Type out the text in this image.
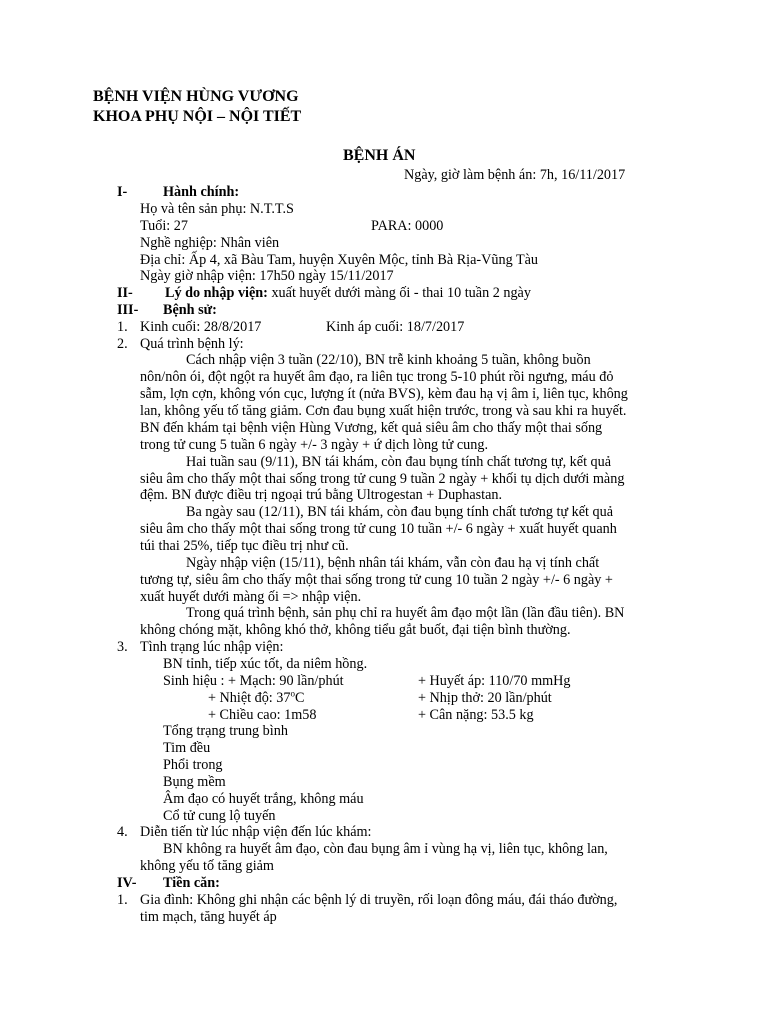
BỆNH VIỆN HÙNG VƯƠNG
KHOA PHỤ NỘI – NỘI TIẾT
BỆNH ÁN
Ngày, giờ làm bệnh án: 7h, 16/11/2017
I-	Hành chính:
Họ và tên sản phụ: N.T.T.S
Tuổi: 27	PARA: 0000
Nghề nghiệp: Nhân viên
Địa chỉ: Ấp 4, xã Bàu Tam, huyện Xuyên Mộc, tỉnh Bà Rịa-Vũng Tàu
Ngày giờ nhập viện: 17h50 ngày 15/11/2017
II- Lý do nhập viện: xuất huyết dưới màng ối - thai 10 tuần 2 ngày
III- Bệnh sử:
1. Kinh cuối: 28/8/2017	Kinh áp cuối: 18/7/2017
2. Quá trình bệnh lý:
Cách nhập viện 3 tuần (22/10), BN trễ kinh khoảng 5 tuần, không buồn
nôn/nôn ói, đột ngột ra huyết âm đạo, ra liên tục trong 5-10 phút rồi ngưng, máu đỏ
sẫm, lợn cợn, không vón cục, lượng ít (nửa BVS), kèm đau hạ vị âm ỉ, liên tục, không
lan, không yếu tố tăng giảm. Cơn đau bụng xuất hiện trước, trong và sau khi ra huyết.
BN đến khám tại bệnh viện Hùng Vương, kết quả siêu âm cho thấy một thai sống
trong tử cung 5 tuần 6 ngày +/- 3 ngày + ứ dịch lòng tử cung.
Hai tuần sau (9/11), BN tái khám, còn đau bụng tính chất tương tự, kết quả
siêu âm cho thấy một thai sống trong tử cung 9 tuần 2 ngày + khối tụ dịch dưới màng
đệm. BN được điều trị ngoại trú bằng Ultrogestan + Duphastan.
Ba ngày sau (12/11), BN tái khám, còn đau bụng tính chất tương tự kết quả
siêu âm cho thấy một thai sống trong tử cung 10 tuần +/- 6 ngày + xuất huyết quanh
túi thai 25%, tiếp tục điều trị như cũ.
Ngày nhập viện (15/11), bệnh nhân tái khám, vẫn còn đau hạ vị tính chất
tương tự, siêu âm cho thấy một thai sống trong tử cung 10 tuần 2 ngày +/- 6 ngày +
xuất huyết dưới màng ối => nhập viện.
Trong quá trình bệnh, sản phụ chỉ ra huyết âm đạo một lần (lần đầu tiên). BN
không chóng mặt, không khó thở, không tiểu gắt buốt, đại tiện bình thường.
3. Tình trạng lúc nhập viện:
BN tỉnh, tiếp xúc tốt, da niêm hồng.
Sinh hiệu : + Mạch: 90 lần/phút	+ Huyết áp: 110/70 mmHg
+ Nhiệt độ: $37^oC$	+ Nhịp thở: 20 lần/phút
+ Chiều cao: 1m58	+ Cân nặng: 53.5 kg
Tổng trạng trung bình
Tim đều
Phổi trong
Bụng mềm
Âm đạo có huyết trắng, không máu
Cổ tử cung lộ tuyến
4. Diễn tiến từ lúc nhập viện đến lúc khám:
BN không ra huyết âm đạo, còn đau bụng âm ỉ vùng hạ vị, liên tục, không lan,
không yếu tố tăng giảm
IV- Tiền căn:
1. Gia đình: Không ghi nhận các bệnh lý di truyền, rối loạn đông máu, đái tháo đường,
tim mạch, tăng huyết áp
